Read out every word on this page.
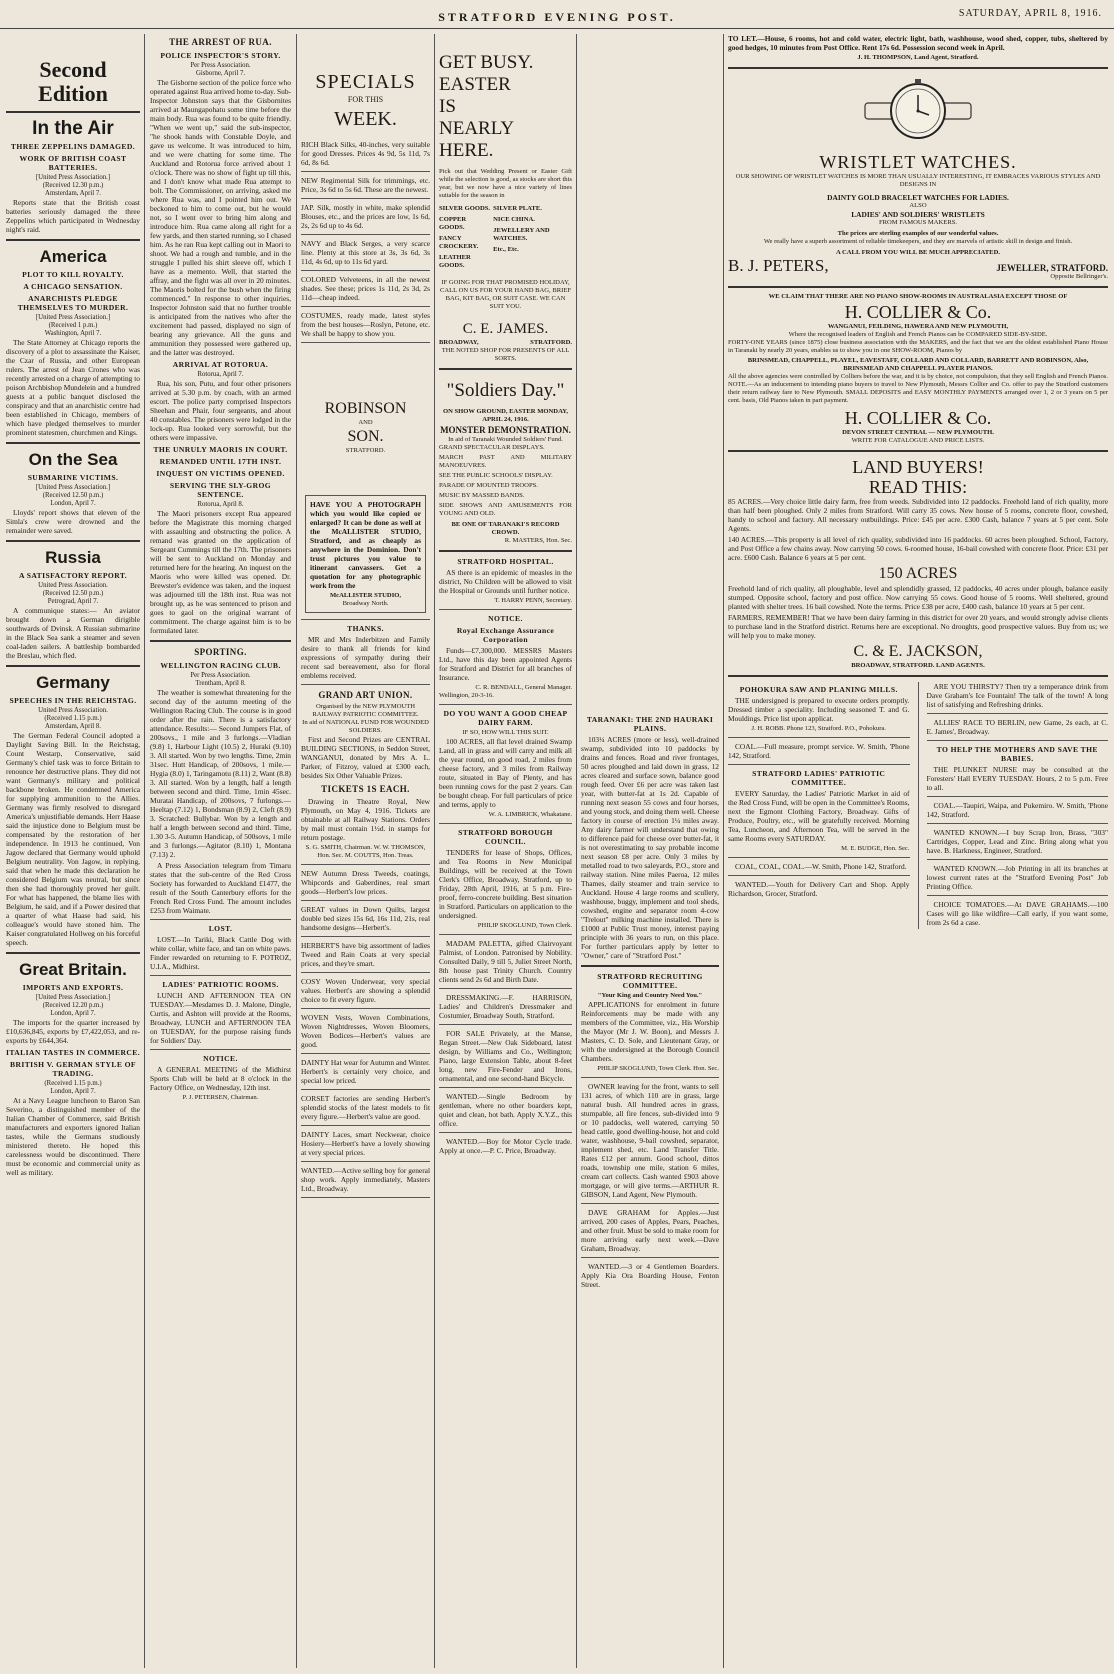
STRATFORD EVENING POST.	SATURDAY, APRIL 8, 1916.
Second Edition
In the Air
THREE ZEPPELINS DAMAGED.
WORK OF BRITISH COAST BATTERIES.
[United Press Association.]
(Received 12.30 p.m.)
Amsterdam, April 7.

Reports state that the British coast batteries seriously damaged the three Zeppelins which participated in Wednesday night's raid.

America
PLOT TO KILL ROYALTY.
A CHICAGO SENSATION.
ANARCHISTS PLEDGE THEMSELVES TO MURDER.
[United Press Association.]
(Received 1 p.m.)
Washington, April 7.

The State Attorney at Chicago reports the discovery of a plot to assassinate the Kaiser, the Czar of Russia, and other European rulers. The arrest of Jean Crones who was recently arrested on a charge of attempting to poison Archbishop Mundelein and a hundred guests at a public banquet disclosed the conspiracy and that an anarchistic centre had been established in Chicago, members of which have pledged themselves to murder prominent statesmen, churchmen and Kings.

On the Sea
SUBMARINE VICTIMS.
[United Press Association.]
(Received 12.50 p.m.)
London, April 7.

Lloyds' report shows that eleven of the Simla's crew were drowned and the remainder were saved.

Russia
A SATISFACTORY REPORT.
United Press Association.
(Received 12.50 p.m.)
Petrograd, April 7.

A communique states:— An aviator brought down a German dirigible southwards of Dvinsk. A Russian submarine in the Black Sea sank a steamer and seven coal-laden sailers. A battleship bombarded the Breslau, which fled.

Germany
SPEECHES IN THE REICHSTAG.
United Press Association.
(Received 1.15 p.m.)
Amsterdam, April 8.

The German Federal Council adopted a Daylight Saving Bill. In the Reichstag, Count Westarp, Conservative, said Germany's chief task was to force Britain to renounce her destructive plans. They did not want Germany's military and political backbone broken. He condemned America for supplying ammunition to the Allies. Germany was firmly resolved to disregard America's unjustifiable demands. Herr Haase said the injustice done to Belgium must be compensated by the restoration of her independence. In 1913 he continued, Von Jagow declared that Germany would uphold Belgium neutrality. Von Jagow, in replying, said that when he made this declaration he considered Belgium was neutral, but since then she had thoroughly proved her guilt. For what has happened, the blame lies with Belgium, he said, and if a Power desired that a quarter of what Haase had said, his colleague's would have stoned him. The Kaiser congratulated Hollweg on his forceful speech.

Great Britain.
IMPORTS AND EXPORTS.
[United Press Association.]
(Received 12.20 p.m.)
London, April 7.

The imports for the quarter increased by £10,636,845, exports by £7,422,053, and re-exports by £644,364.

ITALIAN TASTES IN COMMERCE.
BRITISH V. GERMAN STYLE OF TRADING.
(Received 1.15 p.m.)
London, April 7.

At a Navy League luncheon to Baron San Severino, a distinguished member of the Italian Chamber of Commerce, said British manufacturers and exporters ignored Italian tastes, while the Germans studiously ministered thereto. He hoped this carelessness would be discontinued. There must be economic and commercial unity as well as military.

THE ARREST OF RUA.
POLICE INSPECTOR'S STORY.
Per Press Association.
Gisborne, April 7.

The Gisborne section of the police force who operated against Rua arrived home to-day. Sub-Inspector Johnston says that the Gisbornites arrived at Maungapohatu some time before the main body. Rua was found to be quite friendly. "When we went up," said the sub-inspector, "he shook hands with Constable Doyle, and gave us welcome. It was introduced to him, and we were chatting for some time. The Auckland and Rotorua force arrived about 1 o'clock. There was no show of fight up till this, and I don't know what made Rua attempt to bolt. The Commissioner, on arriving, asked me where Rua was, and I pointed him out. We beckoned to him to come out, but he would not, so I went over to bring him along and introduce him. Rua came along all right for a few yards, and then started running, so I chased him. As he ran Rua kept calling out in Maori to shoot. We had a rough and tumble, and in the struggle I pulled his shirt sleeve off, which I have as a memento. Well, that started the affray, and the fight was all over in 20 minutes. The Maoris bolted for the bush when the firing commenced." In response to other inquiries, Inspector Johnston said that no further trouble is anticipated from the natives who after the excitement had passed, displayed no sign of bearing any grievance. All the guns and ammunition they possessed were gathered up, and the latter was destroyed.

ARRIVAL AT ROTORUA.
Rotorua, April 7.

Rua, his son, Putu, and four other prisoners arrived at 5.30 p.m. by coach, with an armed escort. The police party comprised Inspectors Sheehan and Phair, four sergeants, and about 40 constables. The prisoners were lodged in the lock-up. Rua looked very sorrowful, but the others were impassive.

THE UNRULY MAORIS IN COURT.
REMANDED UNTIL 17TH INST.
INQUEST ON VICTIMS OPENED.
SERVING THE SLY-GROG SENTENCE.
Rotorua, April 8.

The Maori prisoners except Rua appeared before the Magistrate this morning charged with assaulting and obstructing the police. A remand was granted on the application of Sergeant Cummings till the 17th. The prisoners will be sent to Auckland on Monday and returned here for the hearing. An inquest on the Maoris who were killed was opened. Dr. Brewster's evidence was taken, and the inquest was adjourned till the 18th inst. Rua was not brought up, as he was sentenced to prison and goes to gaol on the original warrant of commitment. The charge against him is to be formulated later.

SPORTING.
WELLINGTON RACING CLUB.
Per Press Association.
Trentham, April 8.

The weather is somewhat threatening for the second day of the autumn meeting of the Wellington Racing Club. The course is in good order after the rain. There is a satisfactory attendance. Results:— Second Jumpers Flat, of 200sovs., 1 mile and 3 furlongs.—Vladian (9.8) 1, Harbour Light (10.5) 2, Huraki (9.10) 3. All started. Won by two lengths. Time, 2min 31sec. Hutt Handicap, of 200sovs, 1 mile.—Hygia (8.0) 1, Taringamotu (8.11) 2, Want (8.8) 3. All started. Won by a length, half a length between second and third. Time, 1min 45sec. Muratai Handicap, of 200sovs, 7 furlongs.—Heeltap (7.12) 1, Bondsman (8.9) 2, Cleft (8.9) 3. Scratched: Bullybar. Won by a length and half a length between second and third. Time, 1.30 3-5. Autumn Handicap, of 500sovs, 1 mile and 3 furlongs.—Agitator (8.10) 1, Montana (7.13) 2.

A Press Association telegram from Timaru states that the sub-centre of the Red Cross Society has forwarded to Auckland £1477, the result of the South Canterbury efforts for the French Red Cross Fund. The amount includes £253 from Waimate.

LOST.

LOST.—In Tariki, Black Cattle Dog with white collar, white face, and tan on white paws. Finder rewarded on returning to F. POTROZ, U.I.A., Midhirst.

LADIES' PATRIOTIC ROOMS.

LUNCH AND AFTERNOON TEA ON TUESDAY.—Mesdames D. J. Malone, Dingle, Curtis, and Ashton will provide at the Rooms, Broadway, LUNCH and AFTERNOON TEA on TUESDAY, for the purpose raising funds for Soldiers' Day.

NOTICE.

A GENERAL MEETING of the Midhirst Sports Club will be held at 8 o'clock in the Factory Office, on Wednesday, 12th inst.

P. J. PETERSEN, Chairman.
SPECIALS
FOR THIS
WEEK.

RICH Black Silks, 40-inches, very suitable for good Dresses. Prices 4s 9d, 5s 11d, 7s 6d, 8s 6d.

NEW Regimental Silk for trimmings, etc. Price, 3s 6d to 5s 6d. These are the newest.

JAP. Silk, mostly in white, make splendid Blouses, etc., and the prices are low, 1s 6d, 2s, 2s 6d up to 4s 6d.

NAVY and Black Serges, a very scarce line. Plenty at this store at 3s, 3s 6d, 3s 11d, 4s 6d, up to 11s 6d yard.

COLORED Velveteens, in all the newest shades. See these; prices 1s 11d, 2s 3d, 2s 11d—cheap indeed.

COSTUMES, ready made, latest styles from the best houses—Roslyn, Petone, etc. We shall be happy to show you.

ROBINSON
AND
SON.
STRATFORD.

HAVE YOU A PHOTOGRAPH which you would like copied or enlarged? It can be done as well at the McALLISTER STUDIO, Stratford, and as cheaply as anywhere in the Dominion. Don't trust pictures you value to itinerant canvassers. Get a quotation for any photographic work from the

McALLISTER STUDIO,
Broadway North.
THANKS.

MR and Mrs Inderbitzen and Family desire to thank all friends for kind expressions of sympathy during their recent sad bereavement, also for floral emblems received.

GRAND ART UNION.
Organised by the NEW PLYMOUTH RAILWAY PATRIOTIC COMMITTEE.
In aid of NATIONAL FUND FOR WOUNDED SOLDIERS.

First and Second Prizes are CENTRAL BUILDING SECTIONS, in Seddon Street, WANGANUI, donated by Mrs A. L. Parker, of Fitzroy, valued at £300 each, besides Six Other Valuable Prizes.

TICKETS 1S EACH.

Drawing in Theatre Royal, New Plymouth, on May 4, 1916. Tickets are obtainable at all Railway Stations. Orders by mail must contain 1½d. in stamps for return postage.

S. G. SMITH, Chairman. W. W. THOMSON, Hon. Sec. M. COUTTS, Hon. Treas.

NEW Autumn Dress Tweeds, coatings, Whipcords and Gaberdines, real smart goods—Herbert's low prices.

GREAT values in Down Quilts, largest double bed sizes 15s 6d, 16s 11d, 21s, real handsome designs—Herbert's.

HERBERT'S have big assortment of ladies Tweed and Rain Coats at very special prices, and they're smart.

COSY Woven Underwear, very special values. Herbert's are showing a splendid choice to fit every figure.

WOVEN Vests, Woven Combinations, Woven Nightdresses, Woven Bloomers, Woven Bodices—Herbert's values are good.

DAINTY Hat wear for Autumn and Winter. Herbert's is certainly very choice, and special low priced.

CORSET factories are sending Herbert's splendid stocks of the latest models to fit every figure.—Herbert's value are good.

DAINTY Laces, smart Neckwear, choice Hosiery—Herbert's have a lovely showing at very special prices.

WANTED.—Active selling boy for general shop work. Apply immediately, Masters Ltd., Broadway.

GET BUSY.
EASTER
IS
NEARLY
HERE.

Pick out that Wedding Present or Easter Gift while the selection is good, as stocks are short this year, but we now have a nice variety of lines suitable for the season in

SILVER GOODS.
COPPER GOODS.
FANCY CROCKERY.
LEATHER GOODS.
SILVER PLATE.
NICE CHINA.
JEWELLERY AND WATCHES.
Etc., Etc.

IF GOING FOR THAT PROMISED HOLIDAY, CALL ON US FOR YOUR HAND BAG, BRIEF BAG, KIT BAG, OR SUIT CASE. WE CAN SUIT YOU.

C. E. JAMES.
BROADWAY,	STRATFORD.
THE NOTED SHOP FOR PRESENTS OF ALL SORTS.
"Soldiers Day."
ON SHOW GROUND, EASTER MONDAY, APRIL 24, 1916.
MONSTER DEMONSTRATION.
In aid of Taranaki Wounded Soldiers' Fund.

GRAND SPECTACULAR DISPLAYS.

MARCH PAST AND MILITARY MANOEUVRES.

SEE THE PUBLIC SCHOOLS' DISPLAY.

PARADE OF MOUNTED TROOPS.

MUSIC BY MASSED BANDS.

SIDE SHOWS AND AMUSEMENTS FOR YOUNG AND OLD.

BE ONE OF TARANAKI'S RECORD CROWD.
R. MASTERS, Hon. Sec.
STRATFORD HOSPITAL.

AS there is an epidemic of measles in the district, No Children will be allowed to visit the Hospital or Grounds until further notice.

T. HARRY PENN, Secretary.
NOTICE.
Royal Exchange Assurance Corporation

Funds—£7,300,000. MESSRS Masters Ltd., have this day been appointed Agents for Stratford and District for all branches of Insurance.

C. R. BENDALL, General Manager.
Wellington, 20-3-16.
DO YOU WANT A GOOD CHEAP DAIRY FARM.
IF SO, HOW WILL THIS SUIT.

100 ACRES, all flat level drained Swamp Land, all in grass and will carry and milk all the year round, on good road, 2 miles from cheese factory, and 3 miles from Railway route, situated in Bay of Plenty, and has been running cows for the past 2 years. Can be bought cheap. For full particulars of price and terms, apply to

W. A. LIMBRICK, Whakatane.
STRATFORD BOROUGH COUNCIL.

TENDERS for lease of Shops, Offices, and Tea Rooms in New Municipal Buildings, will be received at the Town Clerk's Office, Broadway, Stratford, up to Friday, 28th April, 1916, at 5 p.m. Fire-proof, ferro-concrete building. Best situation in Stratford. Particulars on application to the undersigned.

PHILIP SKOGLUND, Town Clerk.

MADAM PALETTA, gifted Clairvoyant Palmist, of London. Patronised by Nobility. Consulted Daily, 9 till 5, Juliet Street North, 8th house past Trinity Church. Country clients send 2s 6d and Birth Date.

DRESSMAKING.—F. HARRISON, Ladies' and Children's Dressmaker and Costumier, Broadway South, Stratford.

FOR SALE Privately, at the Manse, Regan Street.—New Oak Sideboard, latest design, by Williams and Co., Wellington; Piano, large Extension Table, about 8-feet long, new Fire-Fender and Irons, ornamental, and one second-hand Bicycle.

WANTED.—Single Bedroom by gentleman, where no other boarders kept, quiet and clean, hot bath. Apply X.Y.Z., this office.

WANTED.—Boy for Motor Cycle trade. Apply at once.—P. C. Price, Broadway.

TARANAKI: THE 2ND HAURAKI PLAINS.

103¼ ACRES (more or less), well-drained swamp, subdivided into 10 paddocks by drains and fences. Road and river frontages, 50 acres ploughed and laid down in grass, 12 acres cleared and surface sown, balance good rough feed. Over £6 per acre was taken last year, with butter-fat at 1s 2d. Capable of running next season 55 cows and four horses, and young stock, and doing them well. Cheese factory in course of erection 1¼ miles away. Any dairy farmer will understand that owing to difference paid for cheese over butter-fat, it is not overestimating to say probable income next season £8 per acre. Only 3 miles by metalled road to two saleyards, P.O., store and railway station. Nine miles Paeroa, 12 miles Thames, daily steamer and train service to Auckland. House 4 large rooms and scullery, washhouse, buggy, implement and tool sheds, cowshed, engine and separator room 4-cow "Trelout" milking machine installed. There is £1000 at Public Trust money, interest paying principle with 36 years to run, on this place. For further particulars apply by letter to "Owner," care of "Stratford Post."

STRATFORD RECRUITING COMMITTEE.
"Your King and Country Need You."

APPLICATIONS for enrolment in future Reinforcements may be made with any members of the Committee, viz., His Worship the Mayor (Mr J. W. Boon), and Messrs J. Masters, C. D. Sole, and Lieutenant Gray, or with the undersigned at the Borough Council Chambers.

PHILIP SKOGLUND, Town Clerk. Hon. Sec.

OWNER leaving for the front, wants to sell 131 acres, of which 110 are in grass, large natural bush. All hundred acres in grass, stumpable, all fire fences, sub-divided into 9 or 10 paddocks, well watered, carrying 50 head cattle, good dwelling-house, hot and cold water, washhouse, 9-bail cowshed, separator, implement shed, etc. Land Transfer Title. Rates £12 per annum. Good school, dittos roads, township one mile, station 6 miles, cream cart collects. Cash wanted £903 above mortgage, or will give terms.—ARTHUR R. GIBSON, Land Agent, New Plymouth.

DAVE GRAHAM for Apples.—Just arrived, 200 cases of Apples, Pears, Peaches, and other fruit. Must be sold to make room for more arriving early next week.—Dave Graham, Broadway.

WANTED.—3 or 4 Gentlemen Boarders. Apply Kia Ora Boarding House, Fenton Street.

TO LET.—House, 6 rooms, hot and cold water, electric light, bath, washhouse, wood shed, copper, tubs, sheltered by good hedges, 10 minutes from Post Office. Rent 17s 6d. Possession second week in April.

J. H. THOMPSON, Land Agent, Stratford.
WRISTLET WATCHES.
OUR SHOWING OF WRISTLET WATCHES IS MORE THAN USUALLY INTERESTING, IT EMBRACES VARIOUS STYLES AND DESIGNS IN
DAINTY GOLD BRACELET WATCHES FOR LADIES.
ALSO
LADIES' AND SOLDIERS' WRISTLETS
FROM FAMOUS MAKERS.
The prices are sterling examples of our wonderful values.
We really have a superb assortment of reliable timekeepers, and they are marvels of artistic skill in design and finish.
A CALL FROM YOU WILL BE MUCH APPRECIATED.
B. J. PETERS,	JEWELLER, STRATFORD.
Opposite Bellringer's.
WE CLAIM THAT THERE ARE NO PIANO SHOW-ROOMS IN AUSTRALASIA EXCEPT THOSE OF
H. COLLIER & Co.
WANGANUI, FEILDING, HAWERA AND NEW PLYMOUTH,
Where the recognised leaders of English and French Pianos can be COMPARED SIDE-BY-SIDE.

FORTY-ONE YEARS (since 1875) close business association with the MAKERS, and the fact that we are the oldest established Piano House in Taranaki by nearly 20 years, enables us to show you in one SHOW-ROOM, Pianos by

BRINSMEAD, CHAPPELL, PLAYEL, EAVESTAFF, COLLARD AND COLLARD, BARRETT AND ROBINSON, Also, BRINSMEAD AND CHAPPELL PLAYER PIANOS.

All the above agencies were controlled by Colliers before the war, and it is by choice, not compulsion, that they sell English and French Pianos. NOTE.—As an inducement to intending piano buyers to travel to New Plymouth, Messrs Collier and Co. offer to pay the Stratford customers their return railway fare to New Plymouth. SMALL DEPOSITS and EASY MONTHLY PAYMENTS arranged over 1, 2 or 3 years on 5 per cent. basis, Old Pianos taken in part payment.

H. COLLIER & Co.
DEVON STREET CENTRAL — NEW PLYMOUTH.
WRITE FOR CATALOGUE AND PRICE LISTS.
LAND BUYERS!
READ THIS:

85 ACRES.—Very choice little dairy farm, free from weeds. Subdivided into 12 paddocks. Freehold land of rich quality, more than half been ploughed. Only 2 miles from Stratford. Will carry 35 cows. New house of 5 rooms, concrete floor, cowshed, handy to school and factory. All necessary outbuildings. Price: £45 per acre. £300 Cash, balance 7 years at 5 per cent. Sole Agents.

140 ACRES.—This property is all level of rich quality, subdivided into 16 paddocks. 60 acres been ploughed. School, Factory, and Post Office a few chains away. Now carrying 50 cows. 6-roomed house, 16-bail cowshed with concrete floor. Price: £31 per acre. £600 Cash. Balance 6 years at 5 per cent.

150 ACRES

Freehold land of rich quality, all ploughable, level and splendidly grassed, 12 paddocks, 40 acres under plough, balance easily stumped. Opposite school, factory and post office. Now carrying 55 cows. Good house of 5 rooms. Well sheltered, ground planted with shelter trees. 16 bail cowshed. Note the terms. Price £38 per acre, £400 cash, balance 10 years at 5 per cent.

FARMERS, REMEMBER! That we have been dairy farming in this district for over 20 years, and would strongly advise clients to purchase land in the Stratford district. Returns here are exceptional. No droughts, good prospective values. Buy from us; we will help you to make money.

C. & E. JACKSON,
BROADWAY, STRATFORD. LAND AGENTS.
POHOKURA SAW AND PLANING MILLS.

THE undersigned is prepared to execute orders promptly. Dressed timber a speciality. Including seasoned T. and G. Mouldings. Price list upon applicat.

J. H. ROBB. Phone 123, Stratford. P.O., Pohokura.

COAL.—Full measure, prompt service. W. Smith, 'Phone 142, Stratford.

STRATFORD LADIES' PATRIOTIC COMMITTEE.

EVERY Saturday, the Ladies' Patriotic Market in aid of the Red Cross Fund, will be open in the Committee's Rooms, next the Egmont Clothing Factory, Broadway. Gifts of Produce, Poultry, etc., will be gratefully received. Morning Tea, Luncheon, and Afternoon Tea, will be served in the same Rooms every SATURDAY.

M. E. BUDGE, Hon. Sec.

COAL, COAL, COAL.—W. Smith, Phone 142, Stratford.

WANTED.—Youth for Delivery Cart and Shop. Apply Richardson, Grocer, Stratford.

ARE YOU THIRSTY? Then try a temperance drink from Dave Graham's Ice Fountain! The talk of the town! A long list of satisfying and Refreshing drinks.

ALLIES' RACE TO BERLIN, new Game, 2s each, at C. E. James', Broadway.

TO HELP THE MOTHERS AND SAVE THE BABIES.

THE PLUNKET NURSE may be consulted at the Foresters' Hall EVERY TUESDAY. Hours, 2 to 5 p.m. Free to all.

COAL.—Taupiri, Waipa, and Pukemiro. W. Smith, 'Phone 142, Stratford.

WANTED KNOWN.—I buy Scrap Iron, Brass, "303" Cartridges, Copper, Lead and Zinc. Bring along what you have. B. Harkness, Engineer, Stratford.

WANTED KNOWN.—Job Printing in all its branches at lowest current rates at the "Stratford Evening Post" Job Printing Office.

CHOICE TOMATOES.—At DAVE GRAHAMS.—100 Cases will go like wildfire—Call early, if you want some, from 2s 6d a case.
